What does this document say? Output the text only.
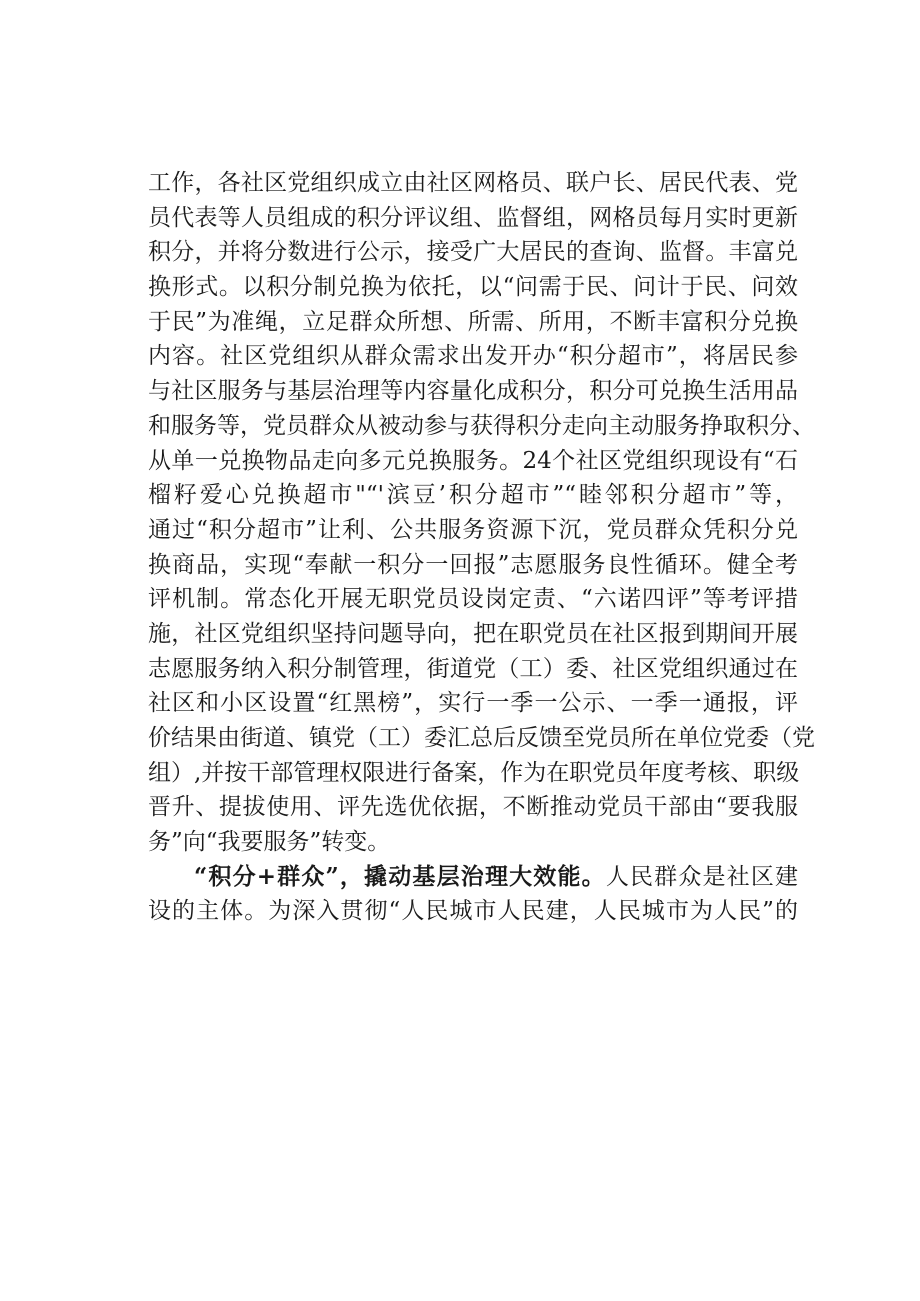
工作，各社区党组织成立由社区网格员、联户长、居民代表、党
员代表等人员组成的积分评议组、监督组，网格员每月实时更新
积分，并将分数进行公示，接受广大居民的查询、监督。丰富兑
换形式。以积分制兑换为依托，以“问需于民、问计于民、问效
于民”为准绳，立足群众所想、所需、所用，不断丰富积分兑换
内容。社区党组织从群众需求出发开办“积分超市”，将居民参
与社区服务与基层治理等内容量化成积分，积分可兑换生活用品
和服务等，党员群众从被动参与获得积分走向主动服务挣取积分、
从单一兑换物品走向多元兑换服务。24个社区党组织现设有“石
榴籽爱心兑换超市"“'滨豆’积分超市”“睦邻积分超市”等，
通过“积分超市”让利、公共服务资源下沉，党员群众凭积分兑
换商品，实现“奉献一积分一回报”志愿服务良性循环。健全考
评机制。常态化开展无职党员设岗定责、“六诺四评”等考评措
施，社区党组织坚持问题导向，把在职党员在社区报到期间开展
志愿服务纳入积分制管理，街道党（工）委、社区党组织通过在
社区和小区设置“红黑榜”，实行一季一公示、一季一通报，评
价结果由街道、镇党（工）委汇总后反馈至党员所在单位党委（党
组）,并按干部管理权限进行备案，作为在职党员年度考核、职级
晋升、提拔使用、评先选优依据，不断推动党员干部由“要我服
务”向“我要服务”转变。
“积分+群众”，撬动基层治理大效能。人民群众是社区建
设的主体。为深入贯彻“人民城市人民建，人民城市为人民”的
